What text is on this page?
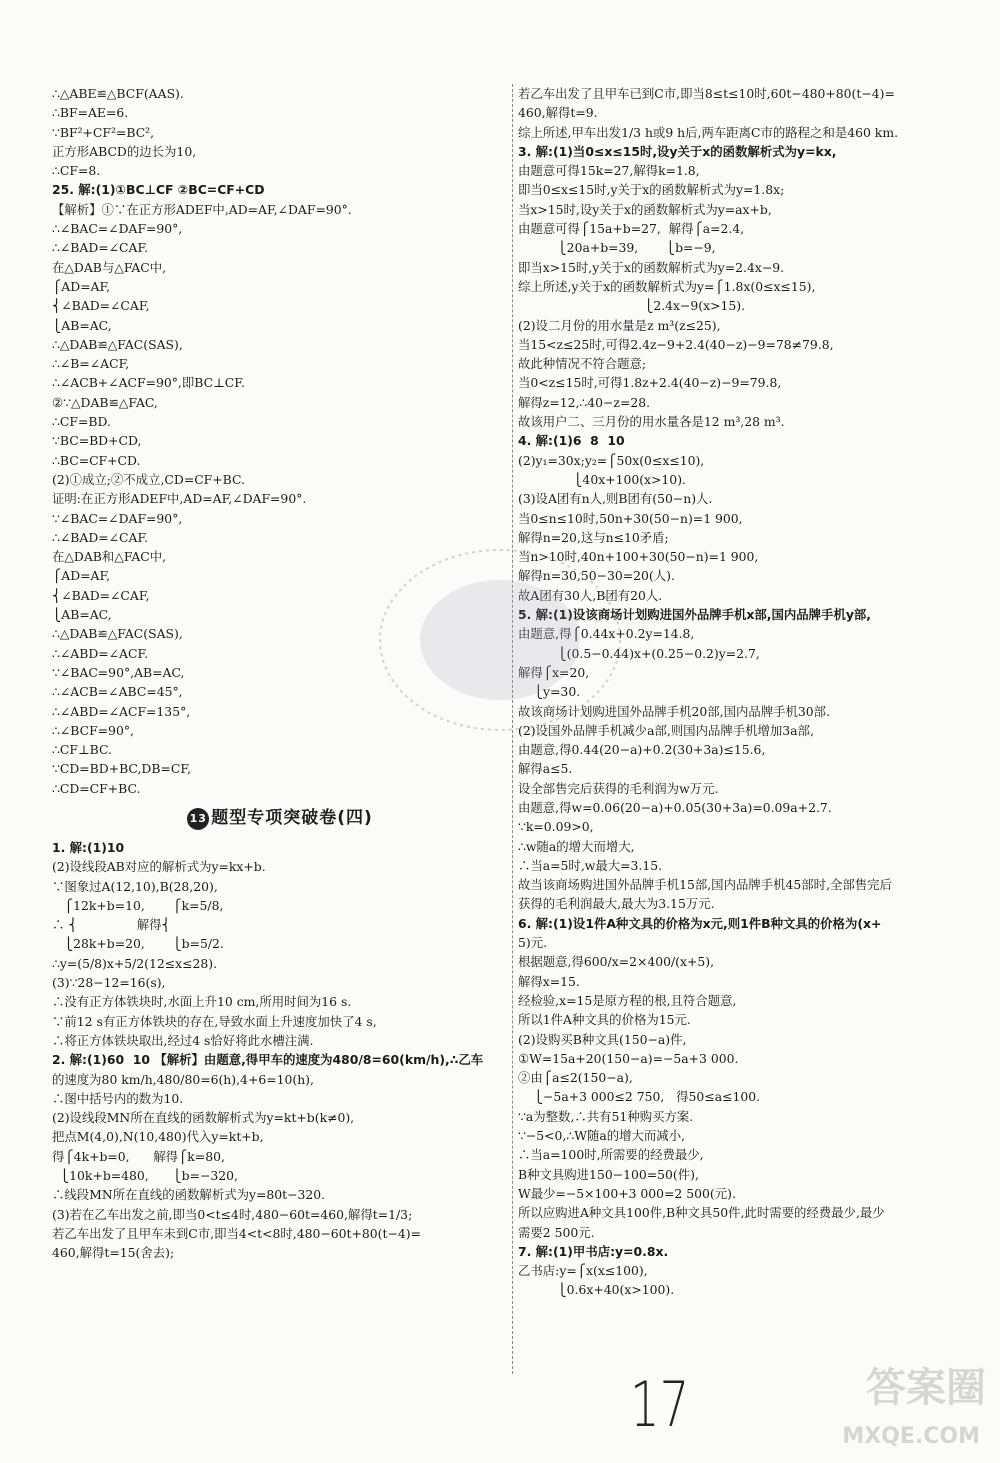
∴△ABE≌△BCF(AAS).
∴BF=AE=6.
∵BF²+CF²=BC²,
正方形ABCD的边长为10,
∴CF=8.
25. 解:(1)①BC⊥CF ②BC=CF+CD
【解析】①∵在正方形ADEF中,AD=AF,∠DAF=90°.
∴∠BAC=∠DAF=90°,
∴∠BAD=∠CAF.
在△DAB与△FAC中,
⎧AD=AF,
⎨∠BAD=∠CAF,
⎩AB=AC,
∴△DAB≌△FAC(SAS),
∴∠B=∠ACF,
∴∠ACB+∠ACF=90°,即BC⊥CF.
②∵△DAB≌△FAC,
∴CF=BD.
∵BC=BD+CD,
∴BC=CF+CD.
(2)①成立;②不成立,CD=CF+BC.
证明:在正方形ADEF中,AD=AF,∠DAF=90°.
∵∠BAC=∠DAF=90°,
∴∠BAD=∠CAF.
在△DAB和△FAC中,
⎧AD=AF,
⎨∠BAD=∠CAF,
⎩AB=AC,
∴△DAB≌△FAC(SAS),
∴∠ABD=∠ACF.
∵∠BAC=90°,AB=AC,
∴∠ACB=∠ABC=45°,
∴∠ABD=∠ACF=135°,
∴∠BCF=90°,
∴CF⊥BC.
∵CD=BD+BC,DB=CF,
∴CD=CF+BC.
13 题型专项突破卷(四)
1. 解:(1)10
(2)设线段AB对应的解析式为y=kx+b.
∵图象过A(12,10),B(28,20),
⎧12k+b=10,       ⎧k=5/8,
∴ ⎨               解得⎨
⎩28k+b=20,       ⎩b=5/2.
∴y=(5/8)x+5/2(12≤x≤28).
(3)∵28−12=16(s),
∴没有正方体铁块时,水面上升10 cm,所用时间为16 s.
∵前12 s有正方体铁块的存在,导致水面上升速度加快了4 s,
∴将正方体铁块取出,经过4 s恰好将此水槽注满.
2. 解:(1)60  10 【解析】由题意,得甲车的速度为480/8=60(km/h),∴乙车
的速度为80 km/h,480/80=6(h),4+6=10(h),
∴图中括号内的数为10.
(2)设线段MN所在直线的函数解析式为y=kt+b(k≠0),
把点M(4,0),N(10,480)代入y=kt+b,
得⎧4k+b=0,      解得⎧k=80,
⎩10k+b=480,      ⎩b=−320,
∴线段MN所在直线的函数解析式为y=80t−320.
(3)若在乙车出发之前,即当0<t≤4时,480−60t=460,解得t=1/3;
若乙车出发了且甲车未到C市,即当4<t<8时,480−60t+80(t−4)=
460,解得t=15(舍去);
若乙车出发了且甲车已到C市,即当8≤t≤10时,60t−480+80(t−4)=
460,解得t=9.
综上所述,甲车出发1/3 h或9 h后,两车距离C市的路程之和是460 km.
3. 解:(1)当0≤x≤15时,设y关于x的函数解析式为y=kx,
由题意可得15k=27,解得k=1.8,
即当0≤x≤15时,y关于x的函数解析式为y=1.8x;
当x>15时,设y关于x的函数解析式为y=ax+b,
由题意可得⎧15a+b=27,  解得⎧a=2.4,
⎩20a+b=39,       ⎩b=−9,
即当x>15时,y关于x的函数解析式为y=2.4x−9.
综上所述,y关于x的函数解析式为y=⎧1.8x(0≤x≤15),
⎩2.4x−9(x>15).
(2)设二月份的用水量是z m³(z≤25),
当15<z≤25时,可得2.4z−9+2.4(40−z)−9=78≠79.8,
故此种情况不符合题意;
当0<z≤15时,可得1.8z+2.4(40−z)−9=79.8,
解得z=12,∴40−z=28.
故该用户二、三月份的用水量各是12 m³,28 m³.
4. 解:(1)6  8  10
(2)y₁=30x;y₂=⎧50x(0≤x≤10),
⎩40x+100(x>10).
(3)设A团有n人,则B团有(50−n)人.
当0≤n≤10时,50n+30(50−n)=1 900,
解得n=20,这与n≤10矛盾;
当n>10时,40n+100+30(50−n)=1 900,
解得n=30,50−30=20(人).
故A团有30人,B团有20人.
5. 解:(1)设该商场计划购进国外品牌手机x部,国内品牌手机y部,
由题意,得⎧0.44x+0.2y=14.8,
⎩(0.5−0.44)x+(0.25−0.2)y=2.7,
解得⎧x=20,
⎩y=30.
故该商场计划购进国外品牌手机20部,国内品牌手机30部.
(2)设国外品牌手机减少a部,则国内品牌手机增加3a部,
由题意,得0.44(20−a)+0.2(30+3a)≤15.6,
解得a≤5.
设全部售完后获得的毛利润为w万元.
由题意,得w=0.06(20−a)+0.05(30+3a)=0.09a+2.7.
∵k=0.09>0,
∴w随a的增大而增大,
∴当a=5时,w最大=3.15.
故当该商场购进国外品牌手机15部,国内品牌手机45部时,全部售完后
获得的毛利润最大,最大为3.15万元.
6. 解:(1)设1件A种文具的价格为x元,则1件B种文具的价格为(x+
5)元.
根据题意,得600/x=2×400/(x+5),
解得x=15.
经检验,x=15是原方程的根,且符合题意,
所以1件A种文具的价格为15元.
(2)设购买B种文具(150−a)件,
①W=15a+20(150−a)=−5a+3 000.
②由⎧a≤2(150−a),
⎩−5a+3 000≤2 750,   得50≤a≤100.
∵a为整数,∴共有51种购买方案.
∵−5<0,∴W随a的增大而减小,
∴当a=100时,所需要的经费最少,
B种文具购进150−100=50(件),
W最少=−5×100+3 000=2 500(元).
所以应购进A种文具100件,B种文具50件,此时需要的经费最少,最少
需要2 500元.
7. 解:(1)甲书店:y=0.8x.
乙书店:y=⎧x(x≤100),
⎩0.6x+40(x>100).
17	答案圈
MXQE.COM
